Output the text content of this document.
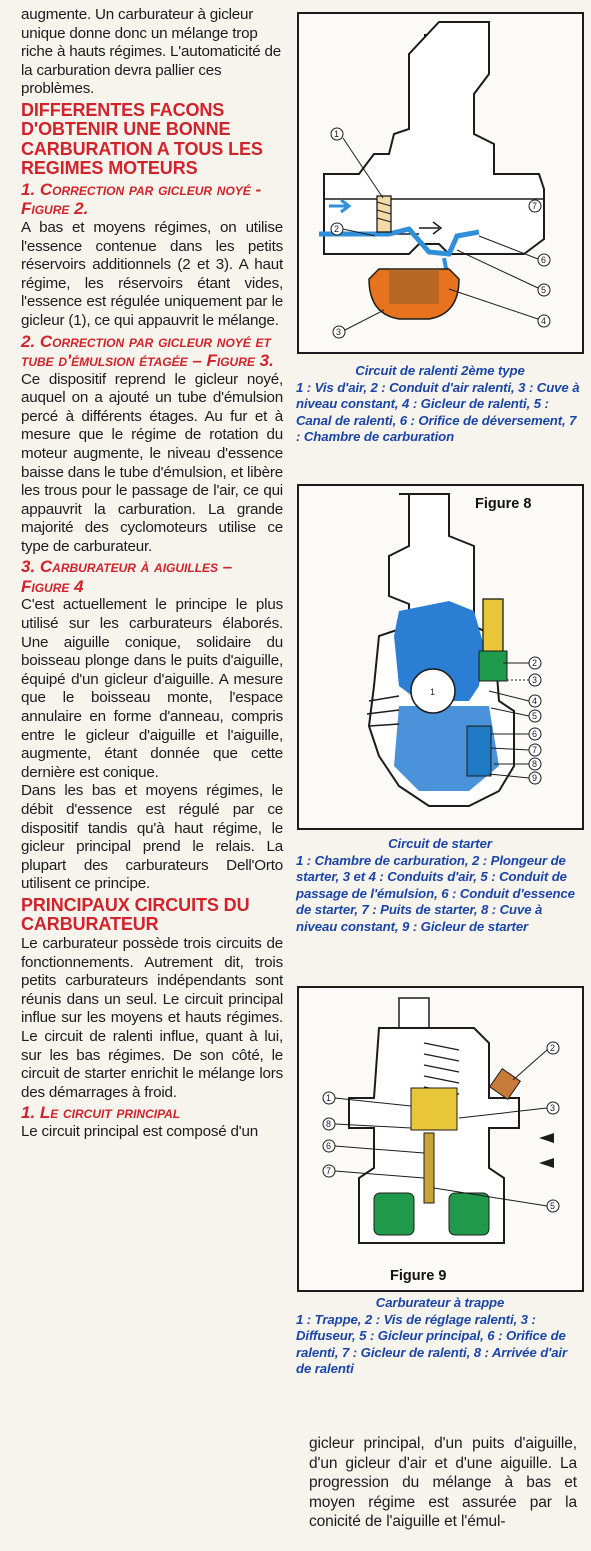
augmente. Un carburateur à gicleur unique donne donc un mélange trop riche à hauts régimes. L'automaticité de la carburation devra pallier ces problèmes.

DIFFERENTES FACONS D'OBTENIR UNE BONNE CARBURATION A TOUS LES REGIMES MOTEURS
1. Correction par gicleur noyé -Figure 2.

A bas et moyens régimes, on utilise l'essence contenue dans les petits réservoirs additionnels (2 et 3). A haut régime, les réservoirs étant vides, l'essence est régulée uniquement par le gicleur (1), ce qui appauvrit le mélange.

2. Correction par gicleur noyé et tube d'émulsion étagée – Figure 3.

Ce dispositif reprend le gicleur noyé, auquel on a ajouté un tube d'émulsion percé à différents étages. Au fur et à mesure que le régime de rotation du moteur augmente, le niveau d'essence baisse dans le tube d'émulsion, et libère les trous pour le passage de l'air, ce qui appauvrit la carburation. La grande majorité des cyclomoteurs utilise ce type de carburateur.

3. Carburateur à aiguilles – Figure 4

C'est actuellement le principe le plus utilisé sur les carburateurs élaborés. Une aiguille conique, solidaire du boisseau plonge dans le puits d'aiguille, équipé d'un gicleur d'aiguille. A mesure que le boisseau monte, l'espace annulaire en forme d'anneau, compris entre le gicleur d'aiguille et l'aiguille, augmente, étant donnée que cette dernière est conique.

Dans les bas et moyens régimes, le débit d'essence est régulé par ce dispositif tandis qu'à haut régime, le gicleur principal prend le relais. La plupart des carburateurs Dell'Orto utilisent ce principe.

PRINCIPAUX CIRCUITS DU CARBURATEUR

Le carburateur possède trois circuits de fonctionnements. Autrement dit, trois petits carburateurs indépendants sont réunis dans un seul. Le circuit principal influe sur les moyens et hauts régimes. Le circuit de ralenti influe, quant à lui, sur les bas régimes. De son côté, le circuit de starter enrichit le mélange lors des démarrages à froid.

1. Le circuit principal

Le circuit principal est composé d'un

1
2
3
4
5
6
7
Circuit de ralenti 2ème type
1 : Vis d'air, 2 : Conduit d'air ralenti, 3 : Cuve à niveau constant, 4 : Gicleur de ralenti, 5 : Canal de ralenti, 6 : Orifice de déversement, 7 : Chambre de carburation
Figure 8
1
2
3
4
5
6
7
8
9
Circuit de starter
1 : Chambre de carburation, 2 : Plongeur de starter, 3 et 4 : Conduits d'air, 5 : Conduit de passage de l'émulsion, 6 : Conduit d'essence de starter, 7 : Puits de starter, 8 : Cuve à niveau constant, 9 : Gicleur de starter
1
2
3
5
6
7
8
Figure 9
Carburateur à trappe
1 : Trappe, 2 : Vis de réglage ralenti, 3 : Diffuseur, 5 : Gicleur principal, 6 : Orifice de ralenti, 7 : Gicleur de ralenti, 8 : Arrivée d'air de ralenti

gicleur principal, d'un puits d'aiguille, d'un gicleur d'air et d'une aiguille. La progression du mélange à bas et moyen régime est assurée par la conicité de l'aiguille et l'émul-
